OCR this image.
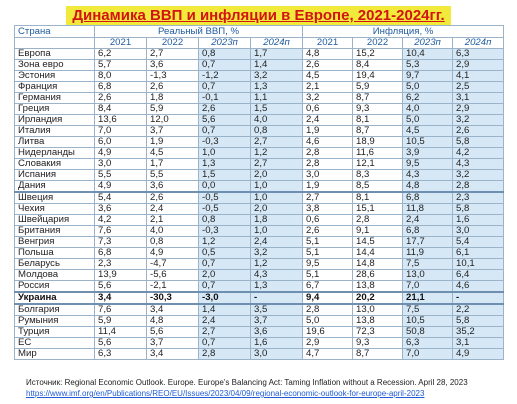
Динамика ВВП и инфляции в Европе, 2021-2024гг.
Страна	Реальный ВВП, %				Инфляция, %			
	2021	2022	2023п	2024п	2021	2022	2023п	2024п
Европа	6,2	2,7	0,8	1,7	4,8	15,2	10,4	6,3
Зона евро	5,7	3,6	0,7	1,4	2,6	8,4	5,3	2,9
Эстония	8,0	-1,3	-1,2	3,2	4,5	19,4	9,7	4,1
Франция	6,8	2,6	0,7	1,3	2,1	5,9	5,0	2,5
Германия	2,6	1,8	-0,1	1,1	3,2	8,7	6,2	3,1
Греция	8,4	5,9	2,6	1,5	0,6	9,3	4,0	2,9
Ирландия	13,6	12,0	5,6	4,0	2,4	8,1	5,0	3,2
Италия	7,0	3,7	0,7	0,8	1,9	8,7	4,5	2,6
Литва	6,0	1,9	-0,3	2,7	4,6	18,9	10,5	5,8
Нидерланды	4,9	4,5	1,0	1,2	2,8	11,6	3,9	4,2
Словакия	3,0	1,7	1,3	2,7	2,8	12,1	9,5	4,3
Испания	5,5	5,5	1,5	2,0	3,0	8,3	4,3	3,2
Дания	4,9	3,6	0,0	1,0	1,9	8,5	4,8	2,8
Швеция	5,4	2,6	-0,5	1,0	2,7	8,1	6,8	2,3
Чехия	3,6	2,4	-0,5	2,0	3,8	15,1	11,8	5,8
Швейцария	4,2	2,1	0,8	1,8	0,6	2,8	2,4	1,6
Британия	7,6	4,0	-0,3	1,0	2,6	9,1	6,8	3,0
Венгрия	7,3	0,8	1,2	2,4	5,1	14,5	17,7	5,4
Польша	6,8	4,9	0,5	3,2	5,1	14,4	11,9	6,1
Беларусь	2,3	-4,7	0,7	1,2	9,5	14,8	7,5	10,1
Молдова	13,9	-5,6	2,0	4,3	5,1	28,6	13,0	6,4
Россия	5,6	-2,1	0,7	1,3	6,7	13,8	7,0	4,6
Украина	3,4	-30,3	-3,0	-	9,4	20,2	21,1	-
Болгария	7,6	3,4	1,4	3,5	2,8	13,0	7,5	2,2
Румыния	5,9	4,8	2,4	3,7	5,0	13,8	10,5	5,8
Турция	11,4	5,6	2,7	3,6	19,6	72,3	50,8	35,2
ЕС	5,6	3,7	0,7	1,6	2,9	9,3	6,3	3,1
Мир	6,3	3,4	2,8	3,0	4,7	8,7	7,0	4,9
Источник: Regional Economic Outlook. Europe. Europe’s Balancing Act: Taming Inflation without a Recession. April 28, 2023
https://www.imf.org/en/Publications/REO/EU/Issues/2023/04/09/regional-economic-outlook-for-europe-april-2023
